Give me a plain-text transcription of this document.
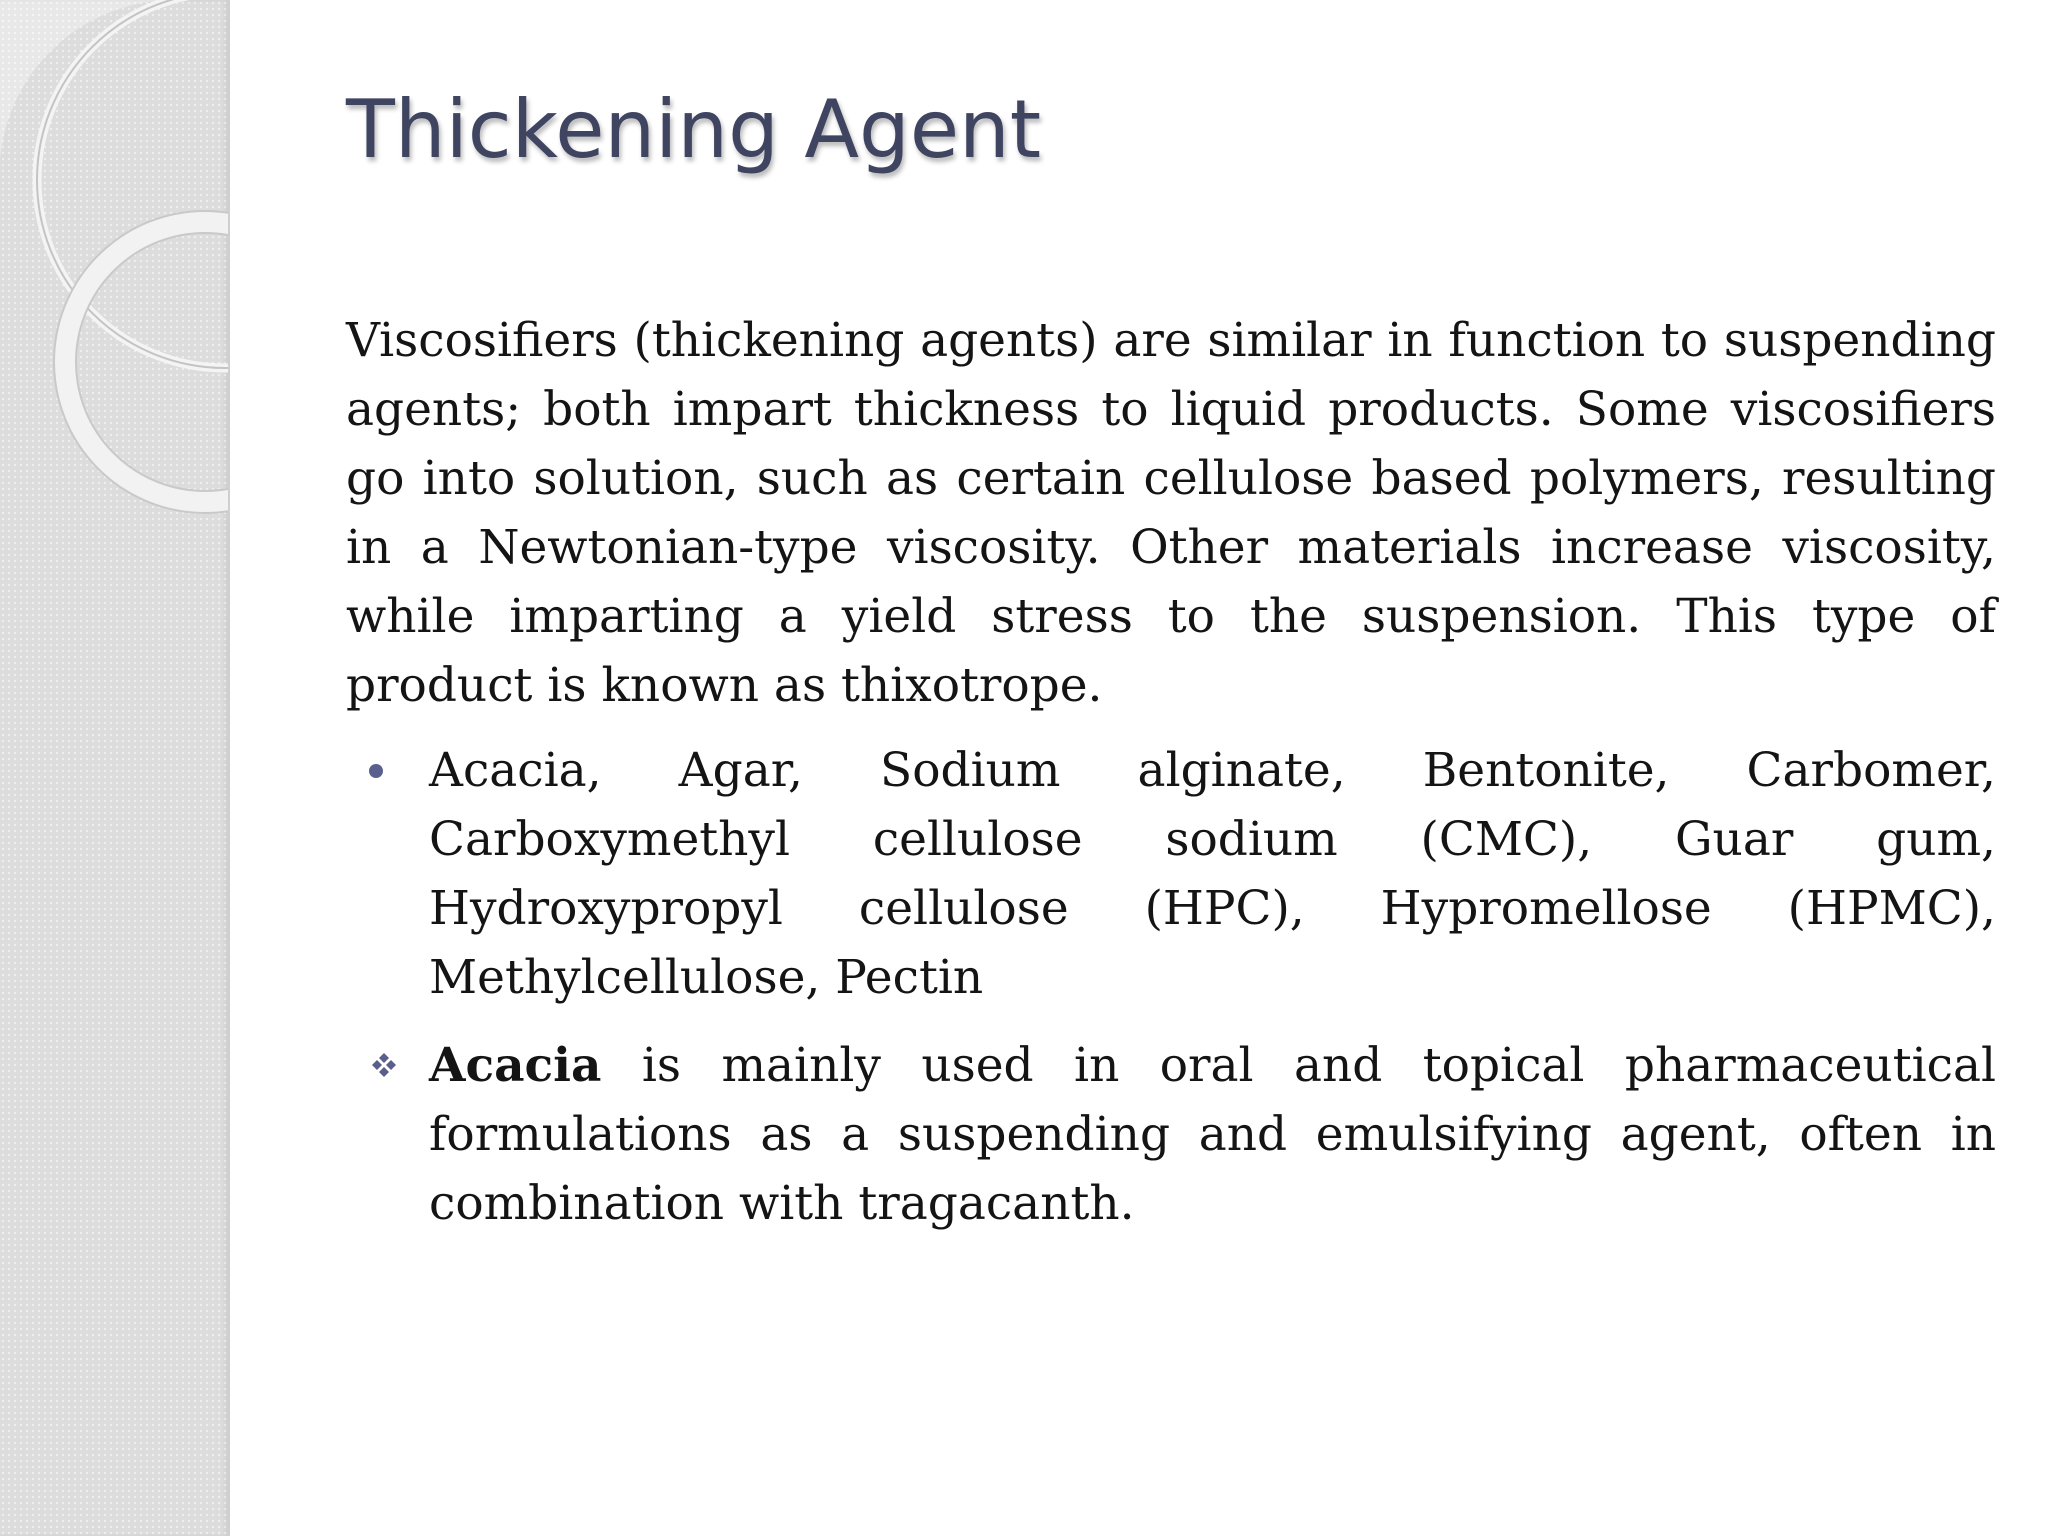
Thickening Agent

Viscosifiers (thickening agents) are similar in function to suspending agents; both impart thickness to liquid products. Some viscosifiers go into solution, such as certain cellulose based polymers, resulting in a Newtonian-type viscosity. Other materials increase viscosity, while imparting a yield stress to the suspension. This type of product is known as thixotrope.

Acacia, Agar, Sodium alginate, Bentonite, Carbomer, Carboxymethyl cellulose sodium (CMC), Guar gum, Hydroxypropyl cellulose (HPC), Hypromellose (HPMC), Methylcellulose, Pectin
Acacia is mainly used in oral and topical pharmaceutical formulations as a suspending and emulsifying agent, often in combination with tragacanth.
